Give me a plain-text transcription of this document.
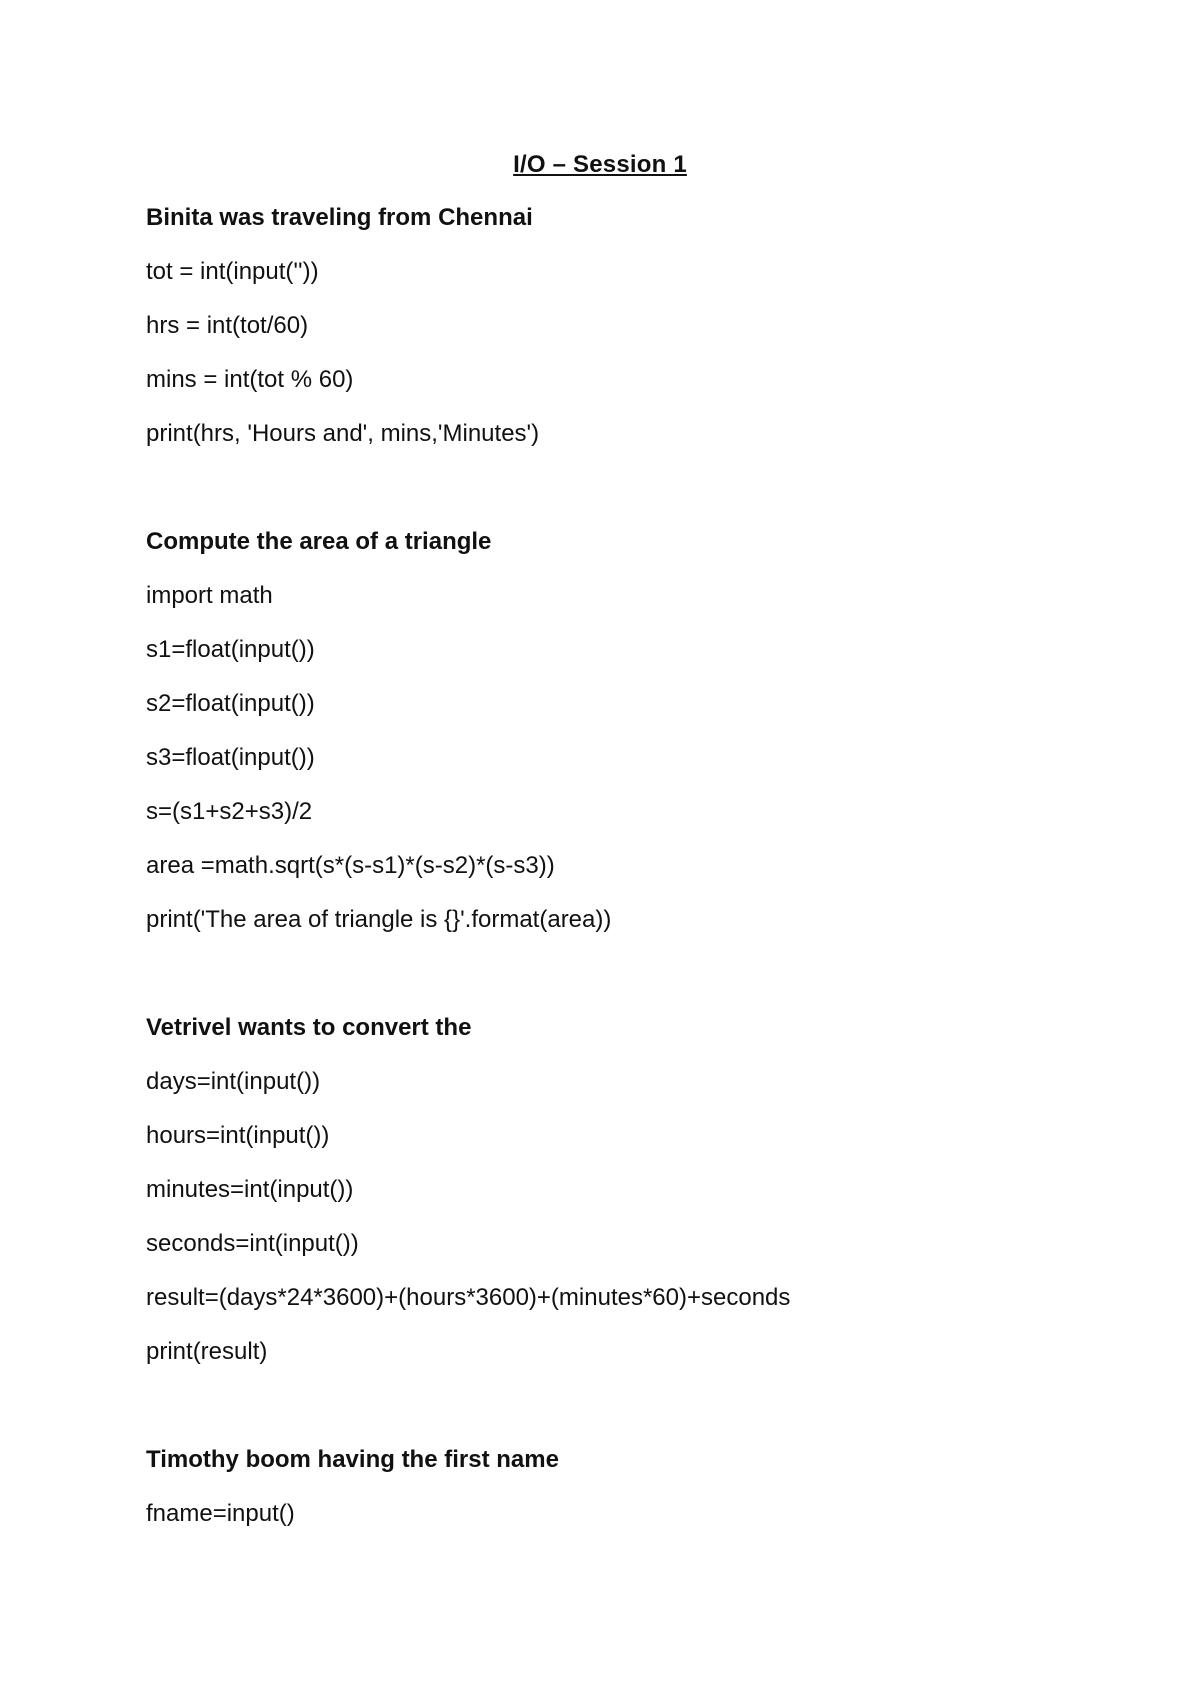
I/O – Session 1
Binita was traveling from Chennai
tot = int(input(''))
hrs = int(tot/60)
mins = int(tot % 60)
print(hrs, 'Hours and', mins,'Minutes')
Compute the area of a triangle
import math
s1=float(input())
s2=float(input())
s3=float(input())
s=(s1+s2+s3)/2
area =math.sqrt(s*(s-s1)*(s-s2)*(s-s3))
print('The area of triangle is {}'.format(area))
Vetrivel wants to convert the
days=int(input())
hours=int(input())
minutes=int(input())
seconds=int(input())
result=(days*24*3600)+(hours*3600)+(minutes*60)+seconds
print(result)
Timothy boom having the first name
fname=input()
